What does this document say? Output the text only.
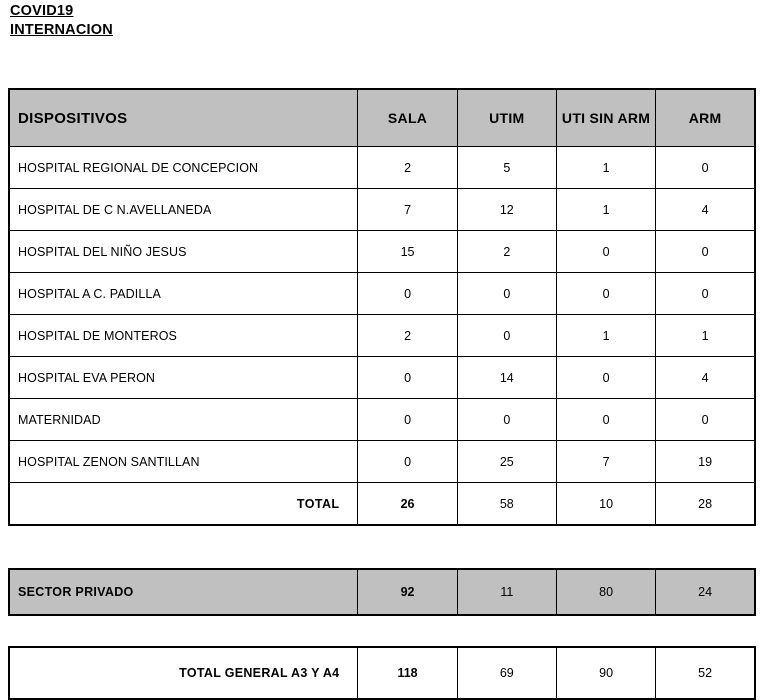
COVID19
INTERNACION
DISPOSITIVOS	SALA	UTIM	UTI SIN ARM	ARM
HOSPITAL REGIONAL DE CONCEPCION	2	5	1	0
HOSPITAL DE C N.AVELLANEDA	7	12	1	4
HOSPITAL DEL NIÑO JESUS	15	2	0	0
HOSPITAL A C. PADILLA	0	0	0	0
HOSPITAL DE MONTEROS	2	0	1	1
HOSPITAL EVA PERON	0	14	0	4
MATERNIDAD	0	0	0	0
HOSPITAL ZENON SANTILLAN	0	25	7	19
TOTAL	26	58	10	28
SECTOR PRIVADO	92	11	80	24
TOTAL GENERAL A3 Y A4	118	69	90	52
